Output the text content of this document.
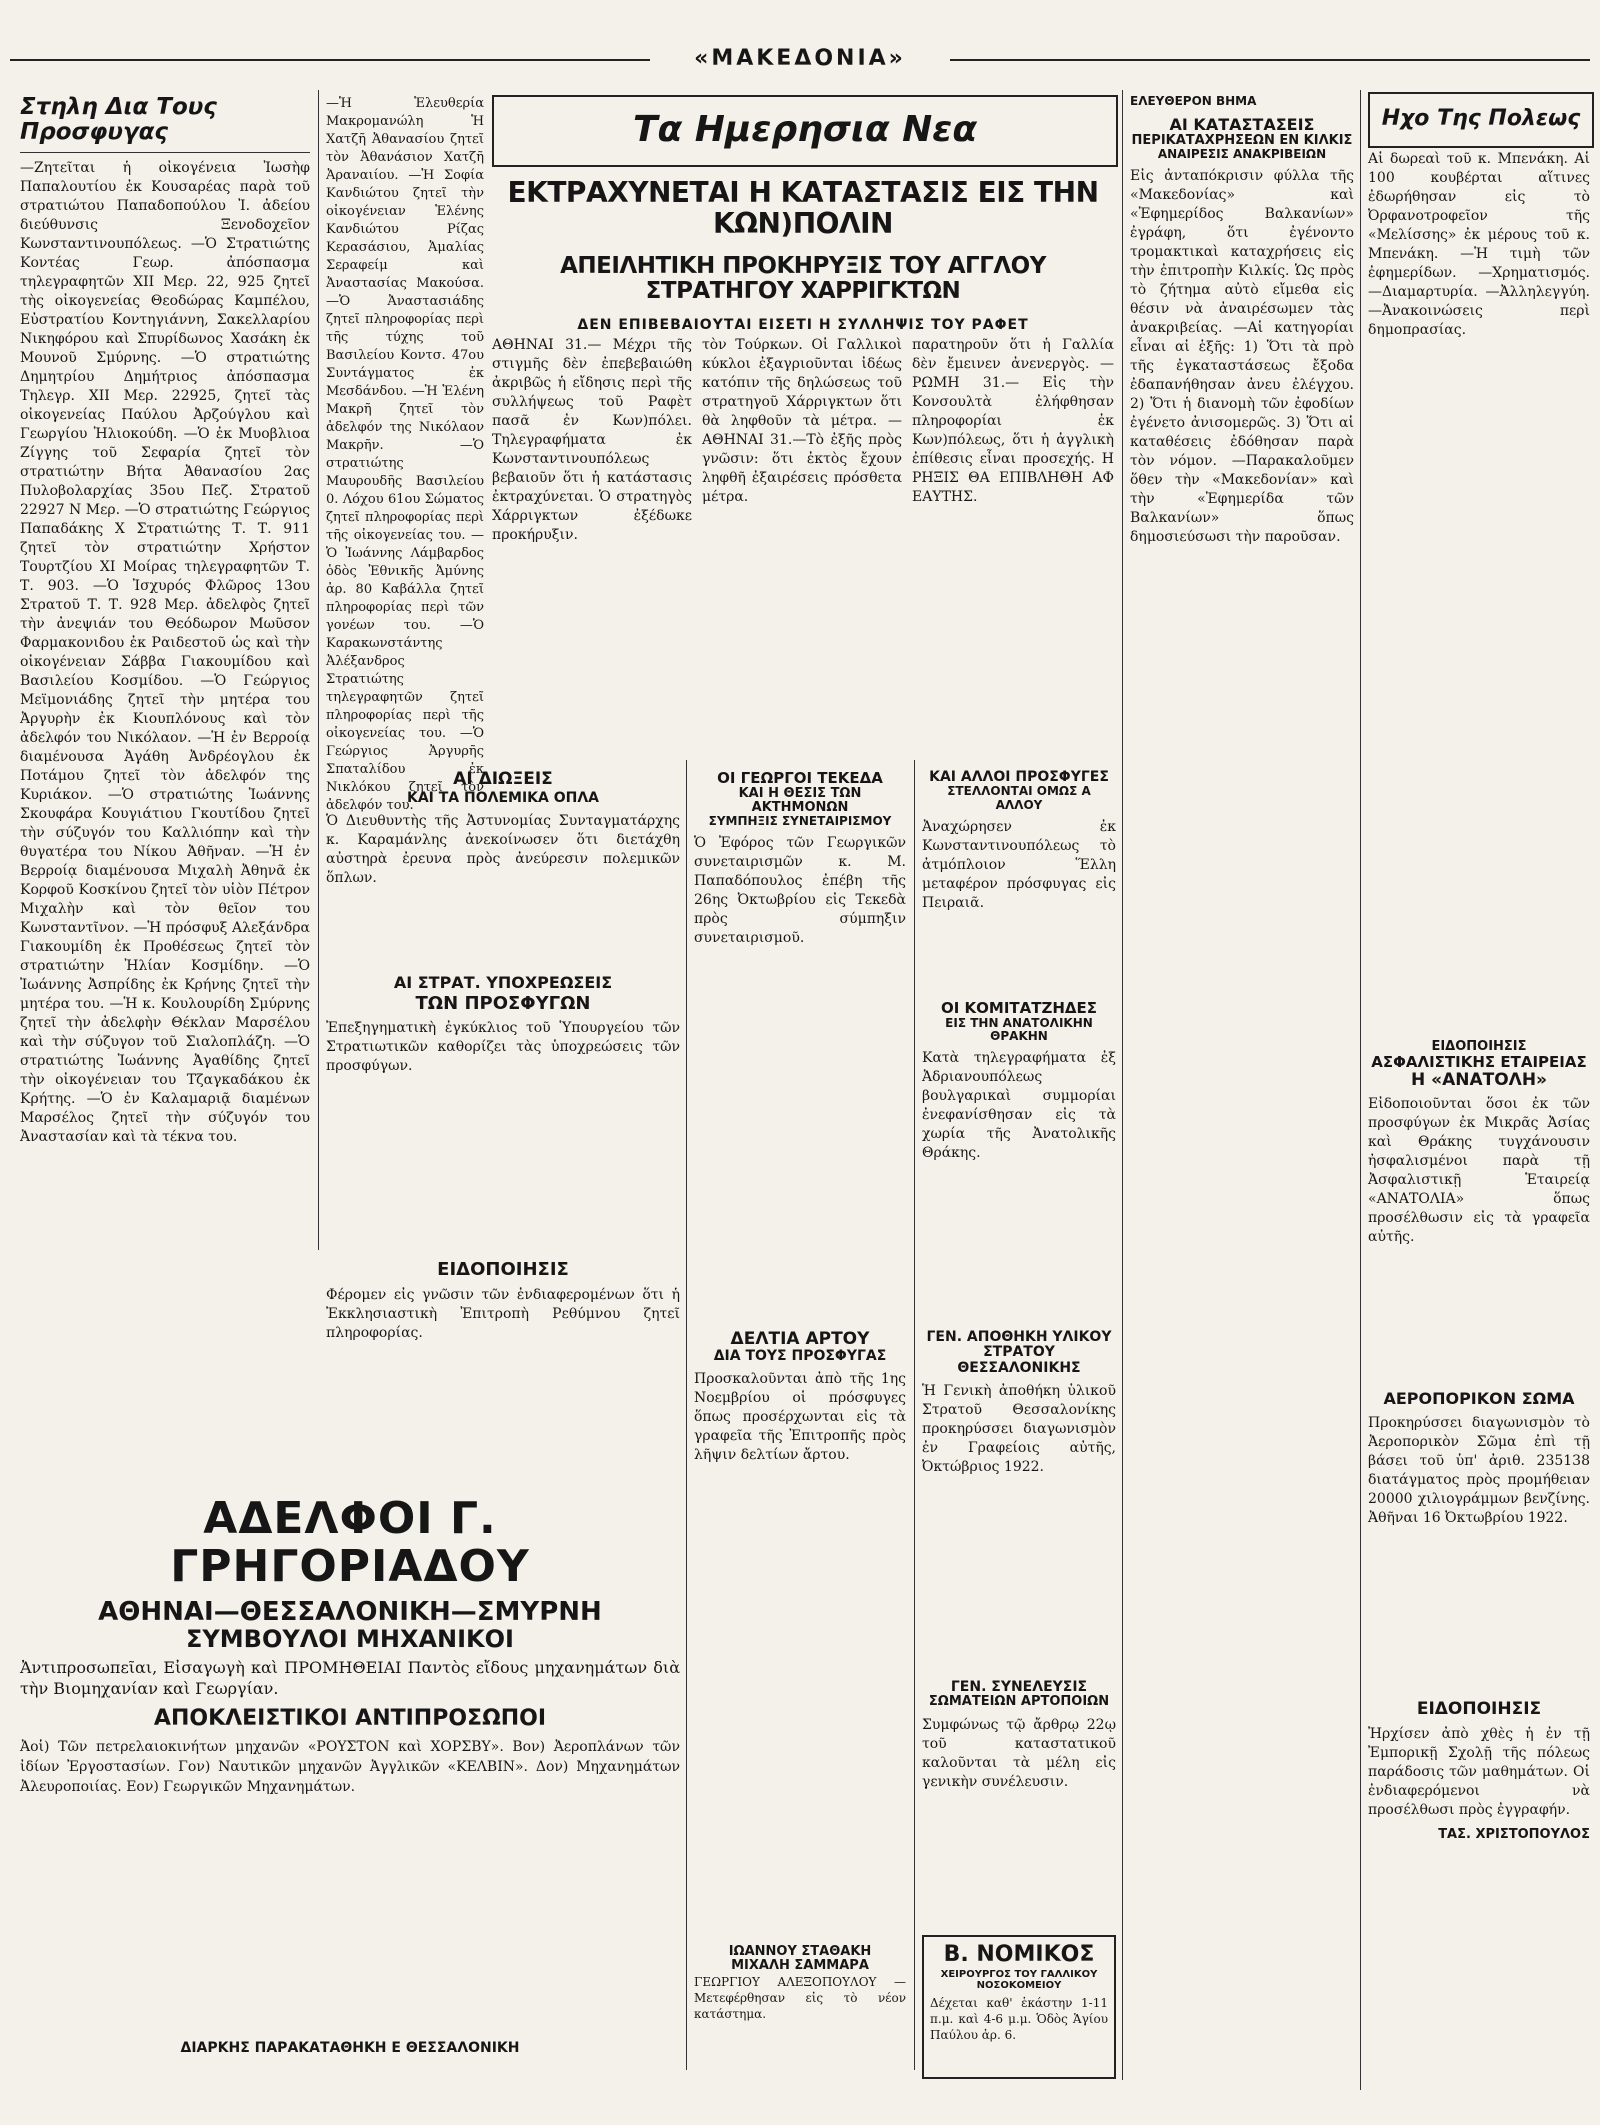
«ΜΑΚΕΔΟΝΙΑ»
Στηλη Δια Τους Προσφυγας
—Ζητεῖται ἡ οἰκογένεια Ἰωσὴφ Παπαλουτίου ἐκ Κουσαρέας παρὰ τοῦ στρατιώτου Παπαδοπούλου Ἰ. ἀδείου διεύθυνσις Ξενοδοχεῖον Κωνσταντινουπόλεως. —Ὁ Στρατιώτης Κοντέας Γεωρ. ἀπόσπασμα τηλεγραφητῶν XII Μερ. 22, 925 ζητεῖ τὴς οἰκογενείας Θεοδώρας Καμπέλου, Εὐστρατίου Κοντηγιάννη, Σακελλαρίου Νικηφόρου καὶ Σπυρίδωνος Χασάκη ἐκ Μουνοῦ Σμύρνης. —Ὁ στρατιώτης Δημητρίου Δημήτριος ἀπόσπασμα Τηλεγρ. XII Μερ. 22925, ζητεῖ τὰς οἰκογενείας Παύλου Ἀρζούγλου καὶ Γεωργίου Ἠλιοκούδη. —Ὁ ἐκ Μυοβλιοα Ζίγγης τοῦ Σεφαρία ζητεῖ τὸν στρατιώτην Βήτα Ἀθανασίου 2ας Πυλοβολαρχίας 35ου Πεζ. Στρατοῦ 22927 Ν Μερ. —Ὁ στρατιώτης Γεώργιος Παπαδάκης Χ Στρατιώτης Τ. Τ. 911 ζητεῖ τὸν στρατιώτην Χρήστον Τουρτζίου ΧΙ Μοίρας τηλεγραφητῶν Τ. Τ. 903. —Ὁ Ἰσχυρός Φλῶρος 13ου Στρατοῦ Τ. Τ. 928 Μερ. ἀδελφὸς ζητεῖ τὴν ἀνεψιάν του Θεόδωρον Μωῦσον Φαρμακονιδου ἐκ Ραιδεστοῦ ὡς καὶ τὴν οἰκογένειαν Σάββα Γιακουμίδου καὶ Βασιλείου Κοσμίδου. —Ὁ Γεώργιος Μεϊμονιάδης ζητεῖ τὴν μητέρα του Ἀργυρὴν ἐκ Κιουπλόνους καὶ τὸν ἀδελφόν του Νικόλαον. —Ἡ ἐν Βερροίᾳ διαμένουσα Ἀγάθη Ἀνδρέογλου ἐκ Ποτάμου ζητεῖ τὸν ἀδελφόν της Κυριάκον. —Ὁ στρατιώτης Ἰωάννης Σκουφάρα Κουγιάτιου Γκουτίδου ζητεῖ τὴν σύζυγόν του Καλλιόπην καὶ τὴν θυγατέρα του Νίκου Ἀθῆναν. —Ἡ ἐν Βερροίᾳ διαμένουσα Μιχαλὴ Ἀθηνᾶ ἐκ Κορφοῦ Κοσκίνου ζητεῖ τὸν υἱὸν Πέτρον Μιχαλὴν καὶ τὸν θεῖον του Κωνσταντῖνον. —Ἡ πρόσφυξ Αλεξάνδρα Γιακουμίδη ἐκ Προθέσεως ζητεῖ τὸν στρατιώτην Ἠλίαν Κοσμίδην. —Ὁ Ἰωάννης Ἀσπρίδης ἐκ Κρήνης ζητεῖ τὴν μητέρα του. —Ἡ κ. Κουλουρίδη Σμύρνης ζητεῖ τὴν ἀδελφὴν Θέκλαν Μαρσέλου καὶ τὴν σύζυγον τοῦ Σιαλοπλάζη. —Ὁ στρατιώτης Ἰωάννης Ἀγαθίδης ζητεῖ τὴν οἰκογένειαν του Τζαγκαδάκου ἐκ Κρήτης. —Ὁ ἐν Καλαμαριᾷ διαμένων Μαρσέλος ζητεῖ τὴν σύζυγόν του Ἀναστασίαν καὶ τὰ τέκνα του.
Τα Ημερησια Νεα
ΕΚΤΡΑΧΥΝΕΤΑΙ Η ΚΑΤΑΣΤΑΣΙΣ ΕΙΣ ΤΗΝ ΚΩΝ)ΠΟΛΙΝ
ΑΠΕΙΛΗΤΙΚΗ ΠΡΟΚΗΡΥΞΙΣ ΤΟΥ ΑΓΓΛΟΥ ΣΤΡΑΤΗΓΟΥ ΧΑΡΡΙΓΚΤΩΝ
ΔΕΝ ΕΠΙΒΕΒΑΙΟΥΤΑΙ ΕΙΣΕΤΙ Η ΣΥΛΛΗΨΙΣ ΤΟΥ ΡΑΦΕΤ
—Ἡ Ἑλευθερία Μακρομανώλη Ἡ Χατζῆ Ἀθανασίου ζητεῖ τὸν Ἀθανάσιον Χατζῆ Ἀραναιίου. —Ἡ Σοφία Κανδιώτου ζητεῖ τὴν οἰκογένειαν Ἑλένης Κανδιώτου Ρίζας Κερασάσιου, Ἀμαλίας Σεραφείμ καὶ Ἀναστασίας Μακούσα. —Ὁ Ἀναστασιάδης ζητεῖ πληροφορίας περὶ τῆς τύχης τοῦ Βασιλείου Κοντσ. 47ου Συντάγματος ἐκ Μεσδάνδου. —Ἡ Ἑλένη Μακρῆ ζητεῖ τὸν ἀδελφόν της Νικόλαον Μακρῆν. —Ὁ στρατιώτης Μαυρουδῆς Βασιλείου 0. Λόχου 61ου Σώματος ζητεῖ πληροφορίας περὶ τῆς οἰκογενείας του. —Ὁ Ἰωάννης Λάμβαρδος ὁδὸς Ἐθνικῆς Ἀμύνης ἀρ. 80 Καβάλλα ζητεῖ πληροφορίας περὶ τῶν γονέων του. —Ὁ Καρακωνστάντης Ἀλέξανδρος Στρατιώτης τηλεγραφητῶν ζητεῖ πληροφορίας περὶ τῆς οἰκογενείας του. —Ὁ Γεώργιος Ἀργυρῆς Σπαταλίδου ἐκ Νικλόκου ζητεῖ τὸν ἀδελφόν του.
ΑΘΗΝΑΙ 31.— Μέχρι τῆς στιγμῆς δὲν ἐπεβεβαιώθη ἀκριβῶς ἡ εἴδησις περὶ τῆς συλλήψεως τοῦ Ραφὲτ πασᾶ ἐν Κων)πόλει. Τηλεγραφήματα ἐκ Κωνσταντινουπόλεως βεβαιοῦν ὅτι ἡ κατάστασις ἐκτραχύνεται. Ὁ στρατηγὸς Χάρριγκτων ἐξέδωκε προκήρυξιν.
τὸν Τούρκων. Οἱ Γαλλικοὶ κύκλοι ἐξαγριοῦνται ἰδέως κατόπιν τῆς δηλώσεως τοῦ στρατηγοῦ Χάρριγκτων ὅτι θὰ ληφθοῦν τὰ μέτρα. —ΑΘΗΝΑΙ 31.—Τὸ ἐξῆς πρὸς γνῶσιν: ὅτι ἐκτὸς ἔχουν ληφθῆ ἐξαιρέσεις πρόσθετα μέτρα.
παρατηροῦν ὅτι ἡ Γαλλία δὲν ἔμεινεν ἀνενεργὸς. —ΡΩΜΗ 31.— Εἰς τὴν Κονσουλτὰ ἐλήφθησαν πληροφορίαι ἐκ Κων)πόλεως, ὅτι ἡ ἀγγλικὴ ἐπίθεσις εἶναι προσεχής. Η ΡΗΞΙΣ ΘΑ ΕΠΙΒΛΗΘΗ ΑΦ ΕΑΥΤΗΣ.
ΑΙ ΔΙΩΞΕΙΣ
ΚΑΙ ΤΑ ΠΟΛΕΜΙΚΑ ΟΠΛΑ
Ὁ Διευθυντὴς τῆς Ἀστυνομίας Συνταγματάρχης κ. Καραμάνλης ἀνεκοίνωσεν ὅτι διετάχθη αὐστηρὰ ἐρευνα πρὸς ἀνεύρεσιν πολεμικῶν ὅπλων.
ΑΙ ΣΤΡΑΤ. ΥΠΟΧΡΕΩΣΕΙΣ
ΤΩΝ ΠΡΟΣΦΥΓΩΝ
Ἐπεξηγηματικὴ ἐγκύκλιος τοῦ Ὑπουργείου τῶν Στρατιωτικῶν καθορίζει τὰς ὑποχρεώσεις τῶν προσφύγων.
ΕΙΔΟΠΟΙΗΣΙΣ
Φέρομεν εἰς γνῶσιν τῶν ἐνδιαφερομένων ὅτι ἡ Ἐκκλησιαστικὴ Ἐπιτροπὴ Ρεθύμνου ζητεῖ πληροφορίας.
ΟΙ ΓΕΩΡΓΟΙ ΤΕΚΕΔΑ
ΚΑΙ Η ΘΕΣΙΣ ΤΩΝ ΑΚΤΗΜΟΝΩΝ
ΣΥΜΠΗΞΙΣ ΣΥΝΕΤΑΙΡΙΣΜΟΥ
Ὁ Ἐφόρος τῶν Γεωργικῶν συνεταιρισμῶν κ. Μ. Παπαδόπουλος ἐπέβη τῆς 26ης Ὀκτωβρίου εἰς Τεκεδὰ πρὸς σύμπηξιν συνεταιρισμοῦ.
ΔΕΛΤΙΑ ΑΡΤΟΥ
ΔΙΑ ΤΟΥΣ ΠΡΟΣΦΥΓΑΣ
Προσκαλοῦνται ἀπὸ τῆς 1ης Νοεμβρίου οἱ πρόσφυγες ὅπως προσέρχωνται εἰς τὰ γραφεῖα τῆς Ἐπιτροπῆς πρὸς λῆψιν δελτίων ἄρτου.
ΙΩΑΝΝΟΥ ΣΤΑΘΑΚΗ
ΜΙΧΑΛΗ ΣΑΜΜΑΡΑ
ΓΕΩΡΓΙΟΥ ΑΛΕΞΟΠΟΥΛΟΥ — Μετεφέρθησαν εἰς τὸ νέον κατάστημα.
ΚΑΙ ΑΛΛΟΙ ΠΡΟΣΦΥΓΕΣ
ΣΤΕΛΛΟΝΤΑΙ ΟΜΩΣ Α ΑΛΛΟΥ
Ἀναχώρησεν ἐκ Κωνσταντινουπόλεως τὸ ἀτμόπλοιον Ἕλλη μεταφέρον πρόσφυγας εἰς Πειραιᾶ.
ΟΙ ΚΟΜΙΤΑΤΖΗΔΕΣ
ΕΙΣ ΤΗΝ ΑΝΑΤΟΛΙΚΗΝ ΘΡΑΚΗΝ
Κατὰ τηλεγραφήματα ἐξ Ἀδριανουπόλεως βουλγαρικαὶ συμμορίαι ἐνεφανίσθησαν εἰς τὰ χωρία τῆς Ἀνατολικῆς Θράκης.
ΓΕΝ. ΑΠΟΘΗΚΗ ΥΛΙΚΟΥ
ΣΤΡΑΤΟΥ ΘΕΣΣΑΛΟΝΙΚΗΣ
Ἡ Γενικὴ ἀποθήκη ὑλικοῦ Στρατοῦ Θεσσαλονίκης προκηρύσσει διαγωνισμὸν ἐν Γραφείοις αὐτῆς, Ὀκτώβριος 1922.
ΓΕΝ. ΣΥΝΕΛΕΥΣΙΣ
ΣΩΜΑΤΕΙΩΝ ΑΡΤΟΠΟΙΩΝ
Συμφώνως τῷ ἄρθρῳ 22ῳ τοῦ καταστατικοῦ καλοῦνται τὰ μέλη εἰς γενικὴν συνέλευσιν.
Β. ΝΟΜΙΚΟΣ
ΧΕΙΡΟΥΡΓΟΣ ΤΟΥ ΓΑΛΛΙΚΟΥ ΝΟΣΟΚΟΜΕΙΟΥ
Δέχεται καθ' ἑκάστην 1-11 π.μ. καὶ 4-6 μ.μ. Ὁδὸς Ἁγίου Παύλου ἀρ. 6.
ΕΛΕΥΘΕΡΟΝ ΒΗΜΑ
ΑΙ ΚΑΤΑΣΤΑΣΕΙΣ
ΠΕΡΙΚΑΤΑΧΡΗΣΕΩΝ ΕΝ ΚΙΛΚΙΣ
ΑΝΑΙΡΕΣΙΣ ΑΝΑΚΡΙΒΕΙΩΝ
Εἰς ἀνταπόκρισιν φύλλα τῆς «Μακεδονίας» καὶ «Ἐφημερίδος Βαλκανίων» ἐγράφη, ὅτι ἐγένοντο τρομακτικαὶ καταχρήσεις εἰς τὴν ἐπιτροπὴν Κιλκίς. Ὡς πρὸς τὸ ζήτημα αὐτὸ εἴμεθα εἰς θέσιν νὰ ἀναιρέσωμεν τὰς ἀνακριβείας. —Αἱ κατηγορίαι εἶναι αἱ ἑξῆς: 1) Ὅτι τὰ πρὸ τῆς ἐγκαταστάσεως ἔξοδα ἐδαπανήθησαν ἀνευ ἐλέγχου. 2) Ὅτι ἡ διανομὴ τῶν ἐφοδίων ἐγένετο ἀνισομερῶς. 3) Ὅτι αἱ καταθέσεις ἐδόθησαν παρὰ τὸν νόμον. —Παρακαλοῦμεν ὅθεν τὴν «Μακεδονίαν» καὶ τὴν «Ἐφημερίδα τῶν Βαλκανίων» ὅπως δημοσιεύσωσι τὴν παροῦσαν.
Ηχο Της Πολεως
Αἱ δωρεαὶ τοῦ κ. Μπενάκη. Αἱ 100 κουβέρται αἵτινες ἐδωρήθησαν εἰς τὸ Ὀρφανοτροφεῖον τῆς «Μελίσσης» ἐκ μέρους τοῦ κ. Μπενάκη. —Ἡ τιμὴ τῶν ἐφημερίδων. —Χρηματισμός. —Διαμαρτυρία. —Ἀλληλεγγύη. —Ἀνακοινώσεις περὶ δημοπρασίας.
ΕΙΔΟΠΟΙΗΣΙΣ
ΑΣΦΑΛΙΣΤΙΚΗΣ ΕΤΑΙΡΕΙΑΣ
Η «ΑΝΑΤΟΛΗ»
Εἰδοποιοῦνται ὅσοι ἐκ τῶν προσφύγων ἐκ Μικρᾶς Ἀσίας καὶ Θράκης τυγχάνουσιν ἠσφαλισμένοι παρὰ τῇ Ἀσφαλιστικῇ Ἑταιρείᾳ «ΑΝΑΤΟΛΙΑ» ὅπως προσέλθωσιν εἰς τὰ γραφεῖα αὐτῆς.
ΑΕΡΟΠΟΡΙΚΟΝ ΣΩΜΑ
Προκηρύσσει διαγωνισμὸν τὸ Ἀεροπορικὸν Σῶμα ἐπὶ τῇ βάσει τοῦ ὑπ' ἀριθ. 235138 διατάγματος πρὸς προμήθειαν 20000 χιλιογράμμων βενζίνης. Ἀθῆναι 16 Ὀκτωβρίου 1922.
ΕΙΔΟΠΟΙΗΣΙΣ
Ἠρχίσεν ἀπὸ χθὲς ἡ ἐν τῇ Ἐμπορικῇ Σχολῇ τῆς πόλεως παράδοσις τῶν μαθημάτων. Οἱ ἐνδιαφερόμενοι νὰ προσέλθωσι πρὸς ἐγγραφήν.
ΤΑΣ. ΧΡΙΣΤΟΠΟΥΛΟΣ
ΑΔΕΛΦΟΙ Γ. ΓΡΗΓΟΡΙΑΔΟΥ
ΑΘΗΝΑΙ—ΘΕΣΣΑΛΟΝΙΚΗ—ΣΜΥΡΝΗ
ΣΥΜΒΟΥΛΟΙ ΜΗΧΑΝΙΚΟΙ
Ἀντιπροσωπεῖαι, Εἰσαγωγὴ καὶ ΠΡΟΜΗΘΕΙΑΙ Παντὸς εἴδους μηχανημάτων διὰ τὴν Βιομηχανίαν καὶ Γεωργίαν.
ΑΠΟΚΛΕΙΣΤΙΚΟΙ ΑΝΤΙΠΡΟΣΩΠΟΙ
Ἀοἱ) Τῶν πετρελαιοκινήτων μηχανῶν «ΡΟΥΣΤΟΝ καὶ ΧΟΡΣΒΥ». Βον) Ἀεροπλάνων τῶν ἰδίων Ἐργοστασίων. Γον) Ναυτικῶν μηχανῶν Ἀγγλικῶν «ΚΕΛΒΙΝ». Δον) Μηχανημάτων Ἀλευροποιίας. Εον) Γεωργικῶν Μηχανημάτων.
ΔΙΑΡΚΗΣ ΠΑΡΑΚΑΤΑΘΗΚΗ Ε ΘΕΣΣΑΛΟΝΙΚΗ
